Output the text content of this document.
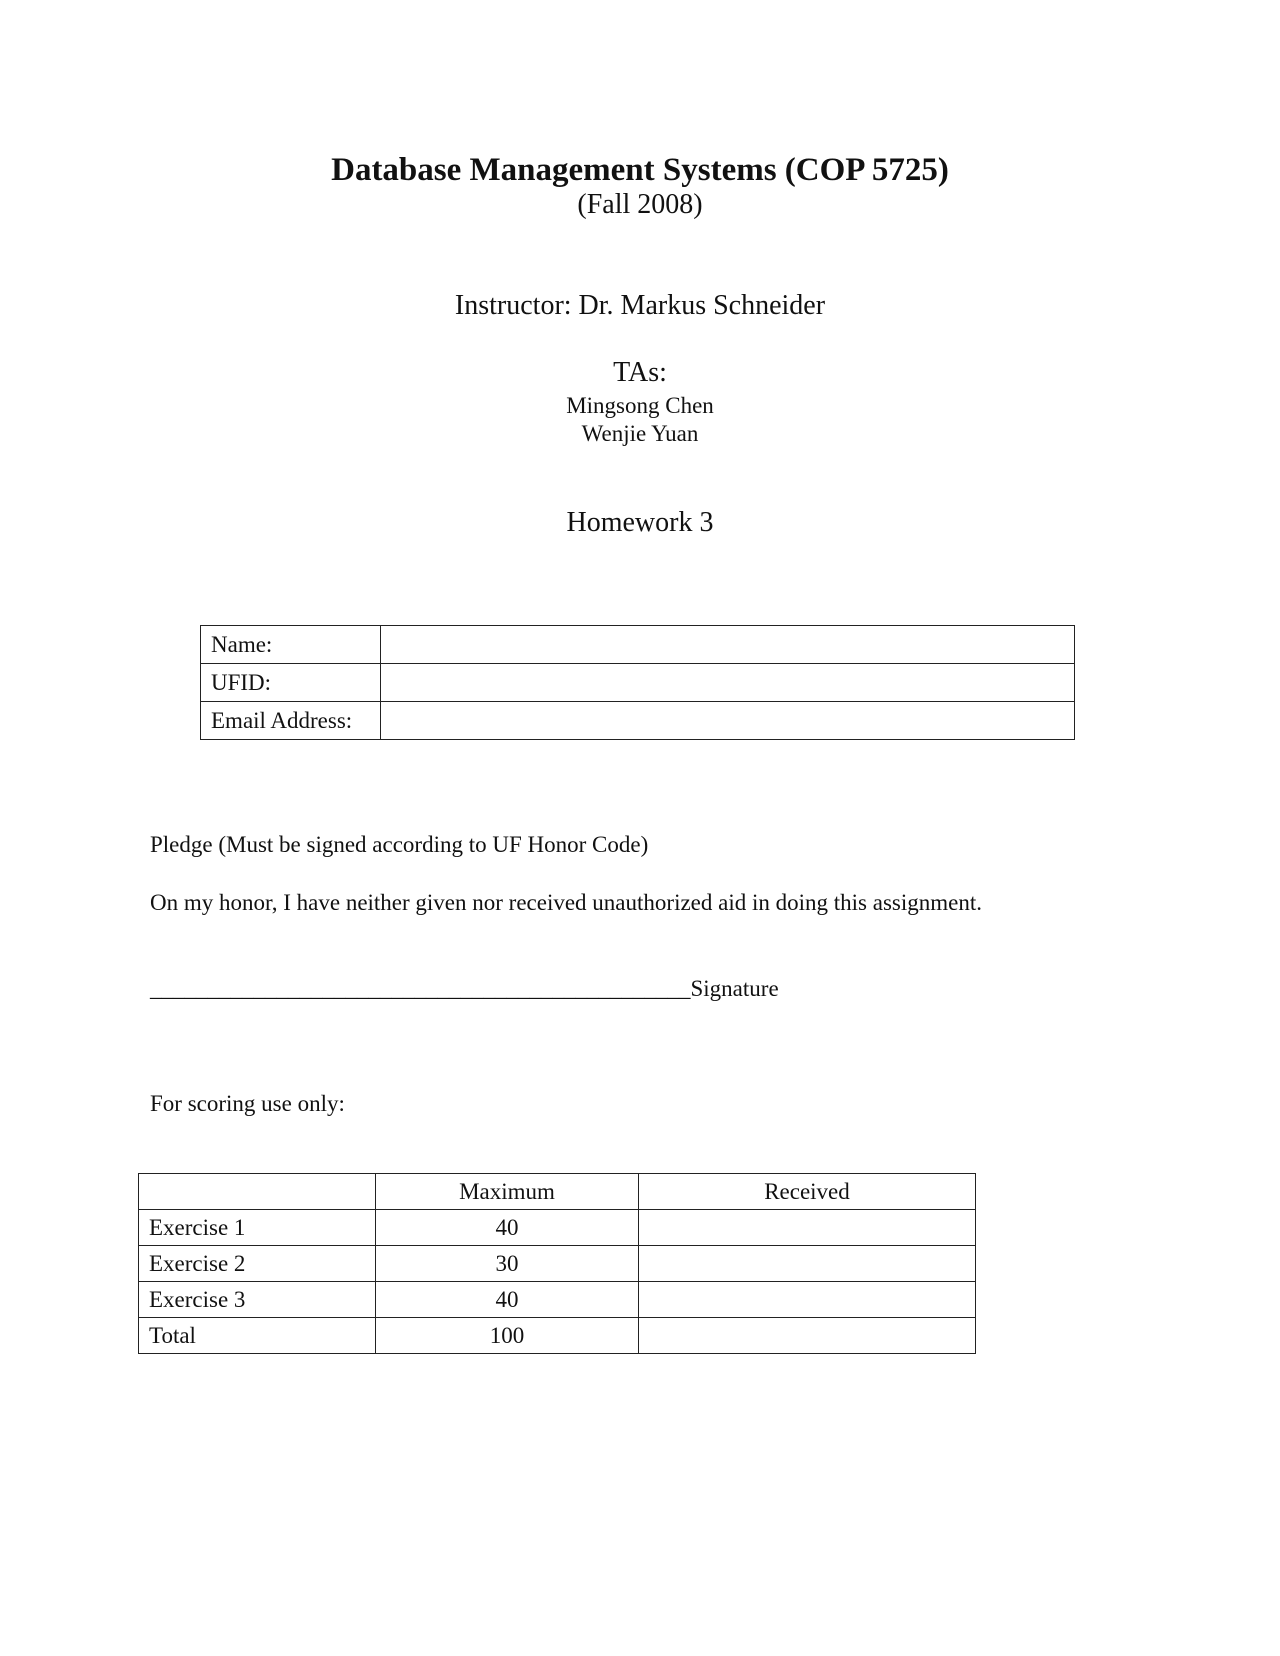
Database Management Systems (COP 5725)
(Fall 2008)
Instructor: Dr. Markus Schneider
TAs:
Mingsong Chen
Wenjie Yuan
Homework 3
Name:	
UFID:	
Email Address:	
Pledge (Must be signed according to UF Honor Code)
On my honor, I have neither given nor received unauthorized aid in doing this assignment.
_______________________________________________Signature
For scoring use only:
	Maximum	Received
Exercise 1	40	
Exercise 2	30	
Exercise 3	40	
Total	100	
